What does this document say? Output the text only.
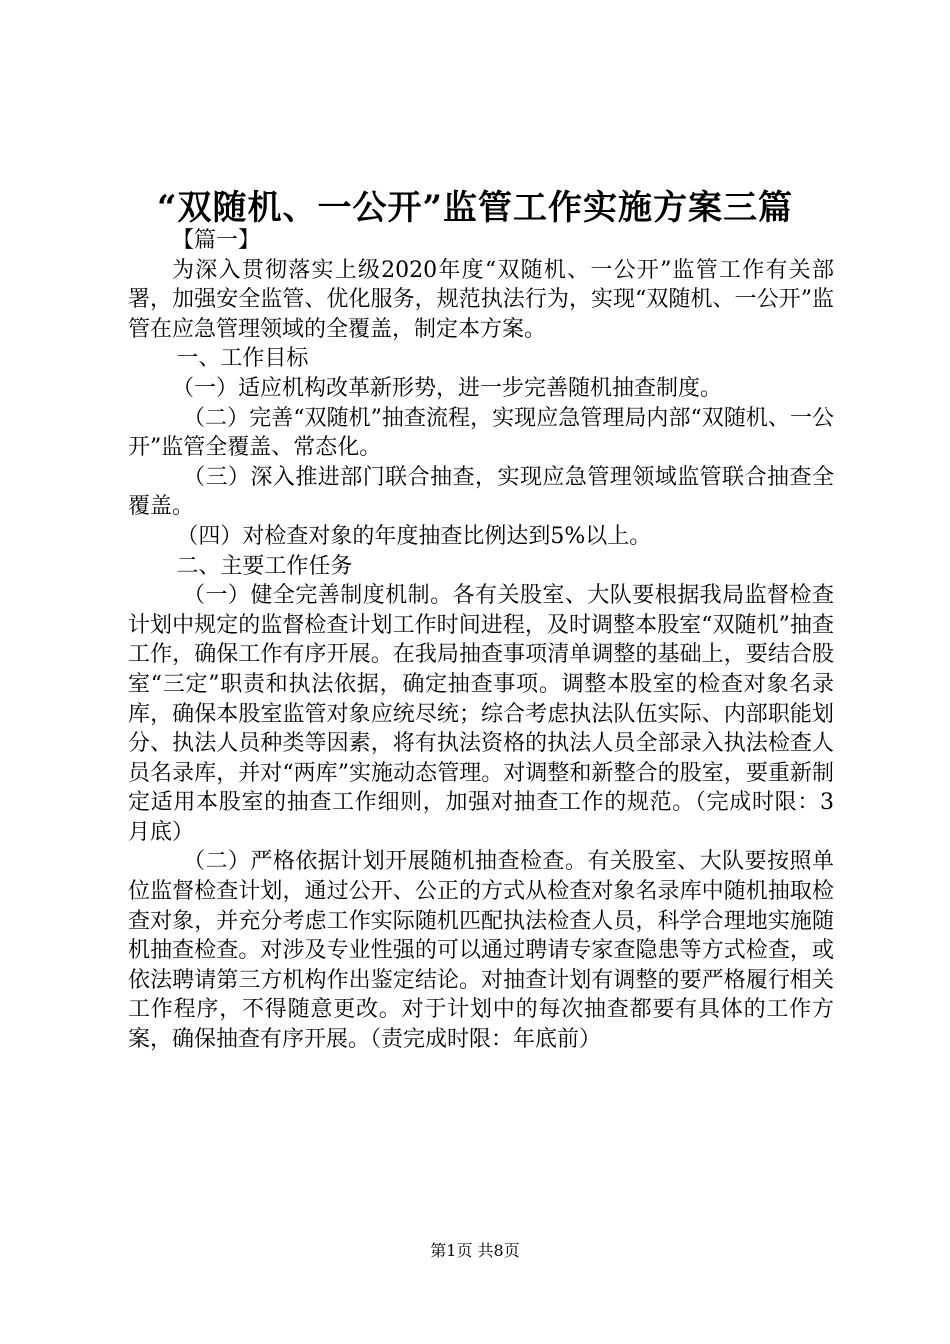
“双随机、一公开”监管工作实施方案三篇

【篇一】

为深入贯彻落实上级2020年度“双随机、一公开”监管工作有关部署，加强安全监管、优化服务，规范执法行为，实现“双随机、一公开”监管在应急管理领域的全覆盖，制定本方案。

一、工作目标

（一）适应机构改革新形势，进一步完善随机抽查制度。

（二）完善“双随机”抽查流程，实现应急管理局内部“双随机、一公开”监管全覆盖、常态化。

（三）深入推进部门联合抽查，实现应急管理领域监管联合抽查全覆盖。

（四）对检查对象的年度抽查比例达到5%以上。

二、主要工作任务

（一）健全完善制度机制。各有关股室、大队要根据我局监督检查计划中规定的监督检查计划工作时间进程，及时调整本股室“双随机”抽查工作，确保工作有序开展。在我局抽查事项清单调整的基础上，要结合股室“三定”职责和执法依据，确定抽查事项。调整本股室的检查对象名录库，确保本股室监管对象应统尽统；综合考虑执法队伍实际、内部职能划分、执法人员种类等因素，将有执法资格的执法人员全部录入执法检查人员名录库，并对“两库”实施动态管理。对调整和新整合的股室，要重新制定适用本股室的抽查工作细则，加强对抽查工作的规范。（完成时限：3月底）

（二）严格依据计划开展随机抽查检查。有关股室、大队要按照单位监督检查计划，通过公开、公正的方式从检查对象名录库中随机抽取检查对象，并充分考虑工作实际随机匹配执法检查人员，科学合理地实施随机抽查检查。对涉及专业性强的可以通过聘请专家查隐患等方式检查，或依法聘请第三方机构作出鉴定结论。对抽查计划有调整的要严格履行相关工作程序，不得随意更改。对于计划中的每次抽查都要有具体的工作方案，确保抽查有序开展。（责完成时限：年底前）

第1页 共8页
